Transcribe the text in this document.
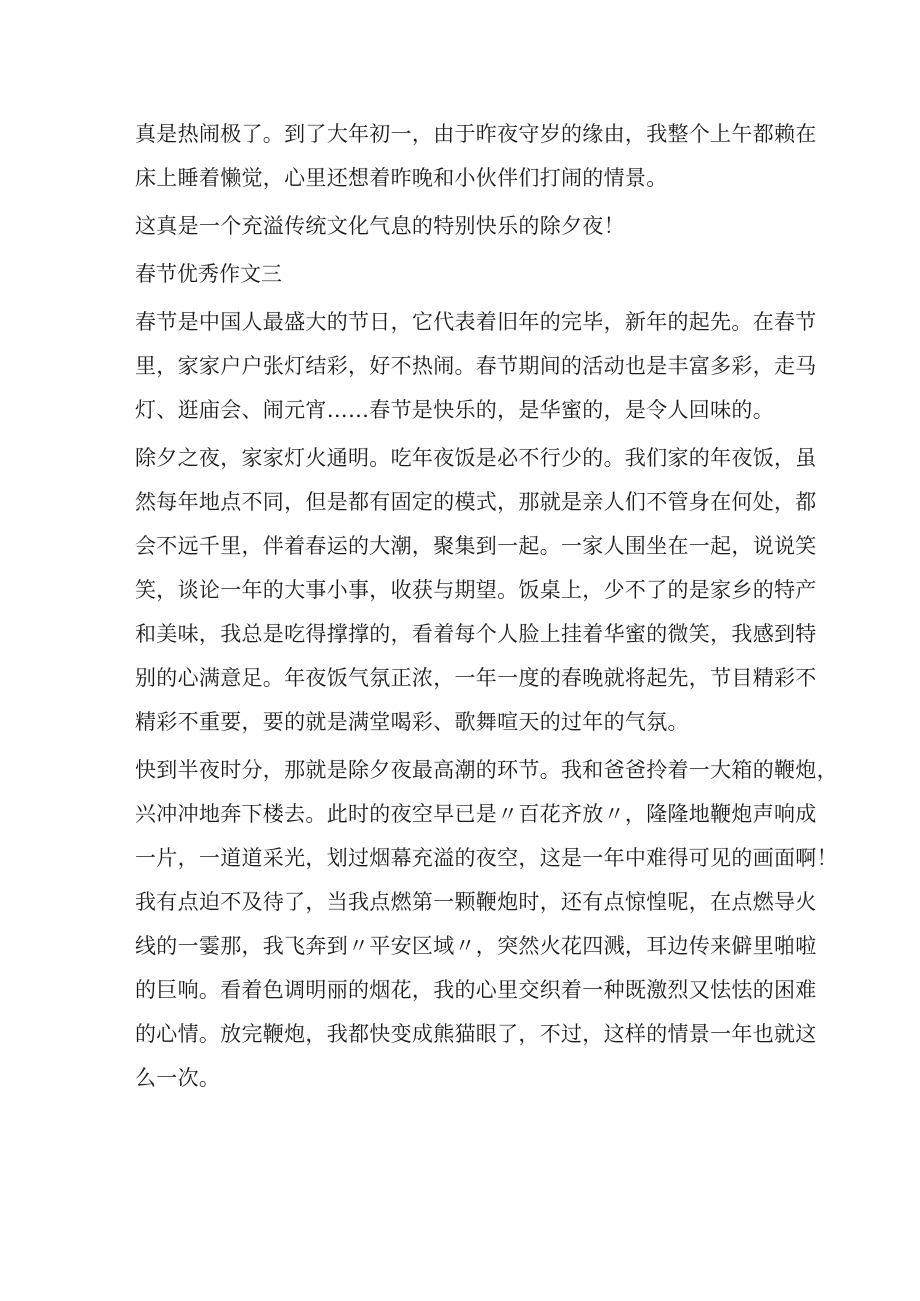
真是热闹极了。到了大年初一，由于昨夜守岁的缘由，我整个上午都赖在
床上睡着懒觉，心里还想着昨晚和小伙伴们打闹的情景。
这真是一个充溢传统文化气息的特别快乐的除夕夜！
春节优秀作文三
春节是中国人最盛大的节日，它代表着旧年的完毕，新年的起先。在春节
里，家家户户张灯结彩，好不热闹。春节期间的活动也是丰富多彩，走马
灯、逛庙会、闹元宵……春节是快乐的，是华蜜的，是令人回味的。
除夕之夜，家家灯火通明。吃年夜饭是必不行少的。我们家的年夜饭，虽
然每年地点不同，但是都有固定的模式，那就是亲人们不管身在何处，都
会不远千里，伴着春运的大潮，聚集到一起。一家人围坐在一起，说说笑
笑，谈论一年的大事小事，收获与期望。饭桌上，少不了的是家乡的特产
和美味，我总是吃得撑撑的，看着每个人脸上挂着华蜜的微笑，我感到特
别的心满意足。年夜饭气氛正浓，一年一度的春晚就将起先，节目精彩不
精彩不重要，要的就是满堂喝彩、歌舞喧天的过年的气氛。
快到半夜时分，那就是除夕夜最高潮的环节。我和爸爸拎着一大箱的鞭炮，
兴冲冲地奔下楼去。此时的夜空早已是〃百花齐放〃，隆隆地鞭炮声响成
一片，一道道采光，划过烟幕充溢的夜空，这是一年中难得可见的画面啊！
我有点迫不及待了，当我点燃第一颗鞭炮时，还有点惊惶呢，在点燃导火
线的一霎那，我飞奔到〃平安区域〃，突然火花四溅，耳边传来僻里啪啦
的巨响。看着色调明丽的烟花，我的心里交织着一种既激烈又怯怯的困难
的心情。放完鞭炮，我都快变成熊猫眼了，不过，这样的情景一年也就这
么一次。
